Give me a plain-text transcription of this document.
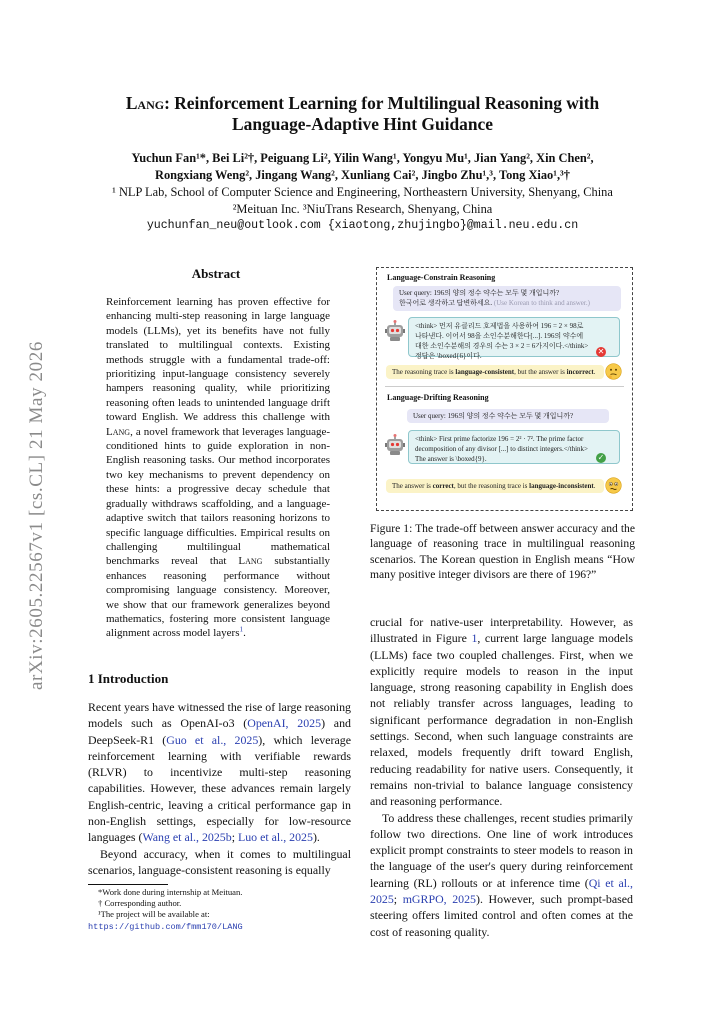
arXiv:2605.22567v1 [cs.CL] 21 May 2026
Lang: Reinforcement Learning for Multilingual Reasoning with
Language-Adaptive Hint Guidance
Yuchun Fan¹*, Bei Li²†, Peiguang Li², Yilin Wang¹, Yongyu Mu¹, Jian Yang², Xin Chen²,
Rongxiang Weng², Jingang Wang², Xunliang Cai², Jingbo Zhu¹,³, Tong Xiao¹,³†
¹ NLP Lab, School of Computer Science and Engineering, Northeastern University, Shenyang, China
²Meituan Inc. ³NiuTrans Research, Shenyang, China
yuchunfan_neu@outlook.com {xiaotong,zhujingbo}@mail.neu.edu.cn
Abstract
Reinforcement learning has proven effective for enhancing multi-step reasoning in large language models (LLMs), yet its benefits have not fully translated to multilingual contexts. Existing methods struggle with a fundamental trade-off: prioritizing input-language consistency severely hampers reasoning quality, while prioritizing reasoning often leads to unintended language drift toward English. We address this challenge with Lang, a novel framework that leverages language-conditioned hints to guide exploration in non-English reasoning tasks. Our method incorporates two key mechanisms to prevent dependency on these hints: a progressive decay schedule that gradually withdraws scaffolding, and a language-adaptive switch that tailors reasoning horizons to specific language difficulties. Empirical results on challenging multilingual mathematical benchmarks reveal that Lang substantially enhances reasoning performance without compromising language consistency. Moreover, we show that our framework generalizes beyond mathematics, fostering more consistent language alignment across model layers$^1$.
1 Introduction

Recent years have witnessed the rise of large reasoning models such as OpenAI-o3 (OpenAI, 2025) and DeepSeek-R1 (Guo et al., 2025), which leverage reinforcement learning with verifiable rewards (RLVR) to incentivize multi-step reasoning capabilities. However, these advances remain largely English-centric, leaving a critical performance gap in non-English settings, especially for low-resource languages (Wang et al., 2025b; Luo et al., 2025).

Beyond accuracy, when it comes to multilingual scenarios, language-consistent reasoning is equally

*Work done during internship at Meituan.
† Corresponding author.
¹The project will be available at: https://github.com/fmm170/LANG

crucial for native-user interpretability. However, as illustrated in Figure 1, current large language models (LLMs) face two coupled challenges. First, when we explicitly require models to reason in the input language, strong reasoning capability in English does not reliably transfer across languages, leading to significant performance degradation in non-English settings. Second, when such language constraints are relaxed, models frequently drift toward English, reducing readability for native users. Consequently, it remains non-trivial to balance language consistency and reasoning performance.

To address these challenges, recent studies primarily follow two directions. One line of work introduces explicit prompt constraints to steer models to reason in the language of the user's query during reinforcement learning (RL) rollouts or at inference time (Qi et al., 2025; mGRPO, 2025). However, such prompt-based steering offers limited control and often comes at the cost of reasoning quality.

Language-Constrain Reasoning
User query: 196의 양의 정수 약수는 모두 몇 개입니까?
한국어로 생각하고 답변하세요. (Use Korean to think and answer.)
<think> 먼저 유클리드 호제법을 사용하여 196 = 2 × 98로
나타낸다. 이어서 98을 소인수분해한다[...]. 196의 약수에
대한 소인수분해의 경우의 수는 3 × 2 = 6가지이다.</think>
정답은 \boxed{6}이다.	✕
The reasoning trace is language-consistent, but the answer is incorrect.
Language-Drifting Reasoning
User query: 196의 양의 정수 약수는 모두 몇 개입니까?
<think> First prime factorize 196 = 2² · 7². The prime factor
decomposition of any divisor [...] to distinct integers.</think>
The answer is \boxed{9}.	✓
The answer is correct, but the reasoning trace is language-inconsistent.
Figure 1: The trade-off between answer accuracy and the language of reasoning trace in multilingual reasoning scenarios. The Korean question in English means “How many positive integer divisors are there of 196?”
